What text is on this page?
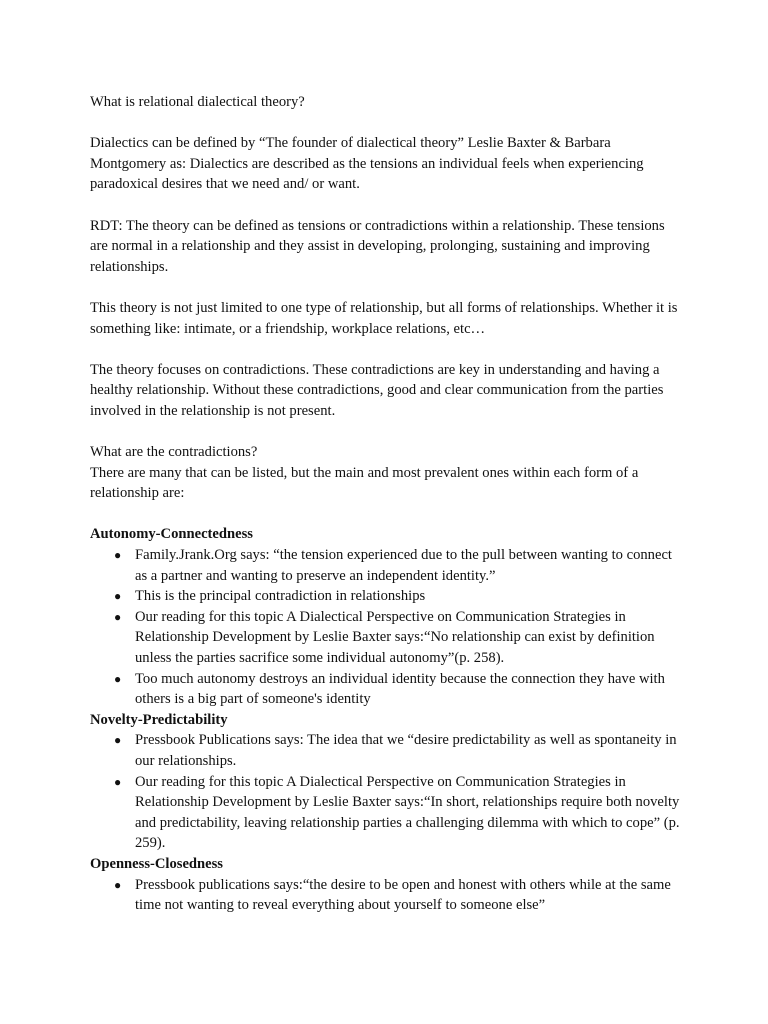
What is relational dialectical theory?

Dialectics can be defined by “The founder of dialectical theory” Leslie Baxter & Barbara Montgomery as: Dialectics are described as the tensions an individual feels when experiencing paradoxical desires that we need and/ or want.

RDT: The theory can be defined as tensions or contradictions within a relationship. These tensions are normal in a relationship and they assist in developing, prolonging, sustaining and improving relationships.

This theory is not just limited to one type of relationship, but all forms of relationships. Whether it is something like: intimate, or a friendship, workplace relations, etc…

The theory focuses on contradictions. These contradictions are key in understanding and having a healthy relationship. Without these contradictions, good and clear communication from the parties involved in the relationship is not present.

What are the contradictions?

There are many that can be listed, but the main and most prevalent ones within each form of a relationship are:

Autonomy-Connectedness

● Family.Jrank.Org says: “the tension experienced due to the pull between wanting to connect as a partner and wanting to preserve an independent identity.”
● This is the principal contradiction in relationships
● Our reading for this topic A Dialectical Perspective on Communication Strategies in Relationship Development by Leslie Baxter says:“No relationship can exist by definition unless the parties sacrifice some individual autonomy”(p. 258).
● Too much autonomy destroys an individual identity because the connection they have with others is a big part of someone's identity

Novelty-Predictability

● Pressbook Publications says: The idea that we “desire predictability as well as spontaneity in our relationships.
● Our reading for this topic A Dialectical Perspective on Communication Strategies in Relationship Development by Leslie Baxter says:“In short, relationships require both novelty and predictability, leaving relationship parties a challenging dilemma with which to cope” (p. 259).

Openness-Closedness

● Pressbook publications says:“the desire to be open and honest with others while at the same time not wanting to reveal everything about yourself to someone else”
